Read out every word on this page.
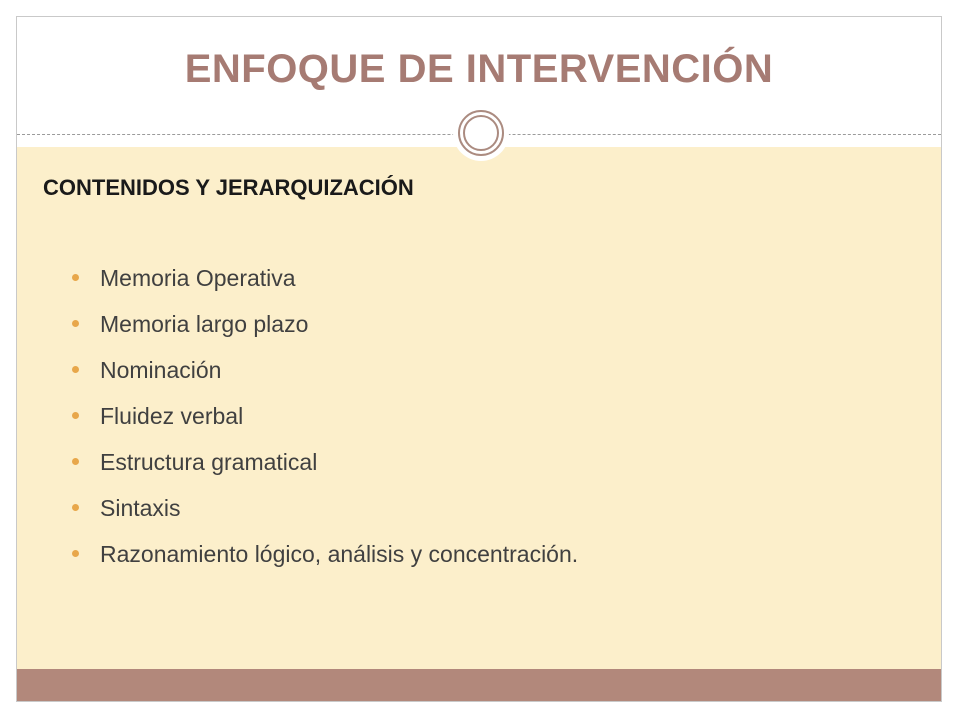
ENFOQUE DE INTERVENCIÓN
CONTENIDOS Y JERARQUIZACIÓN
Memoria Operativa
Memoria largo plazo
Nominación
Fluidez verbal
Estructura gramatical
Sintaxis
Razonamiento lógico, análisis y concentración.
